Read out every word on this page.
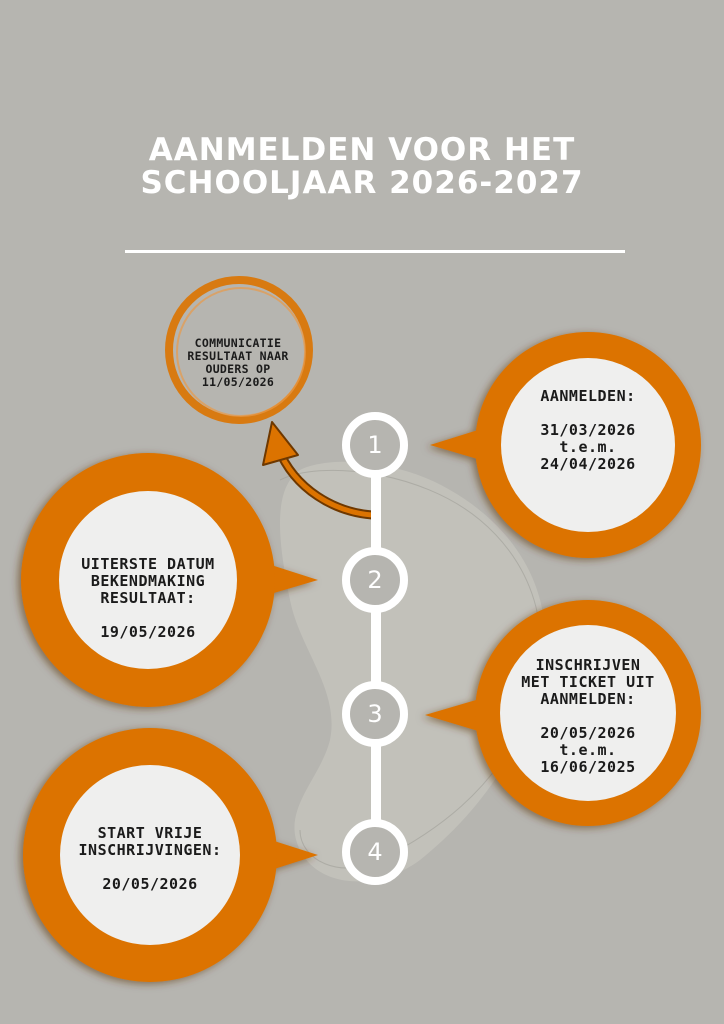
AANMELDEN VOOR HET
SCHOOLJAAR 2026-2027
COMMUNICATIE
RESULTAAT NAAR
OUDERS OP
11/05/2026
1
2
3
4
AANMELDEN:
31/03/2026
t.e.m.
24/04/2026
UITERSTE DATUM
BEKENDMAKING
RESULTAAT:
19/05/2026
INSCHRIJVEN
MET TICKET UIT
AANMELDEN:
20/05/2026
t.e.m.
16/06/2025
START VRIJE
INSCHRIJVINGEN:
20/05/2026
